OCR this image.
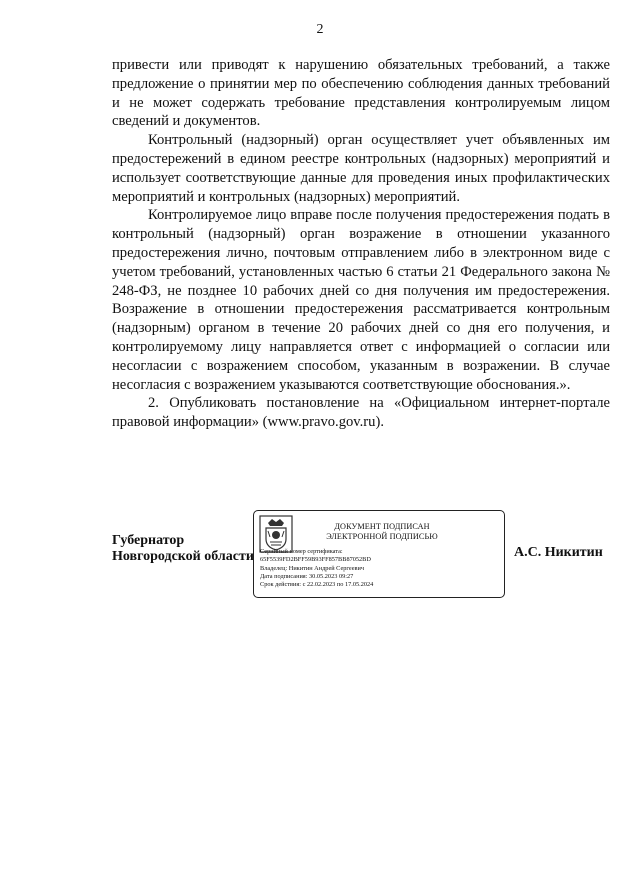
2

привести или приводят к нарушению обязательных требований, а также предложение о принятии мер по обеспечению соблюдения данных требований и не может содержать требование представления контролируемым лицом сведений и документов.

Контрольный (надзорный) орган осуществляет учет объявленных им предостережений в едином реестре контрольных (надзорных) мероприятий и использует соответствующие данные для проведения иных профилактических мероприятий и контрольных (надзорных) мероприятий.

Контролируемое лицо вправе после получения предостережения подать в контрольный (надзорный) орган возражение в отношении указанного предостережения лично, почтовым отправлением либо в электронном виде с учетом требований, установленных частью 6 статьи 21 Федерального закона № 248-ФЗ, не позднее 10 рабочих дней со дня получения им предостережения. Возражение в отношении предостережения рассматривается контрольным (надзорным) органом в течение 20 рабочих дней со дня его получения, и контролируемому лицу направляется ответ с информацией о согласии или несогласии с возражением способом, указанным в возражении. В случае несогласия с возражением указываются соответствующие обоснования.».

2. Опубликовать постановление на «Официальном интернет-портале правовой информации» (www.pravo.gov.ru).

Губернатор
Новгородской области
ДОКУМЕНТ ПОДПИСАН
ЭЛЕКТРОННОЙ ПОДПИСЬЮ
Серийный номер сертификата:
65F5539FD2BFF59B93FF857BB87052BD
Владелец: Никитин Андрей Сергеевич
Дата подписания: 30.05.2023 09:27
Срок действия: с 22.02.2023 по 17.05.2024
А.С. Никитин
